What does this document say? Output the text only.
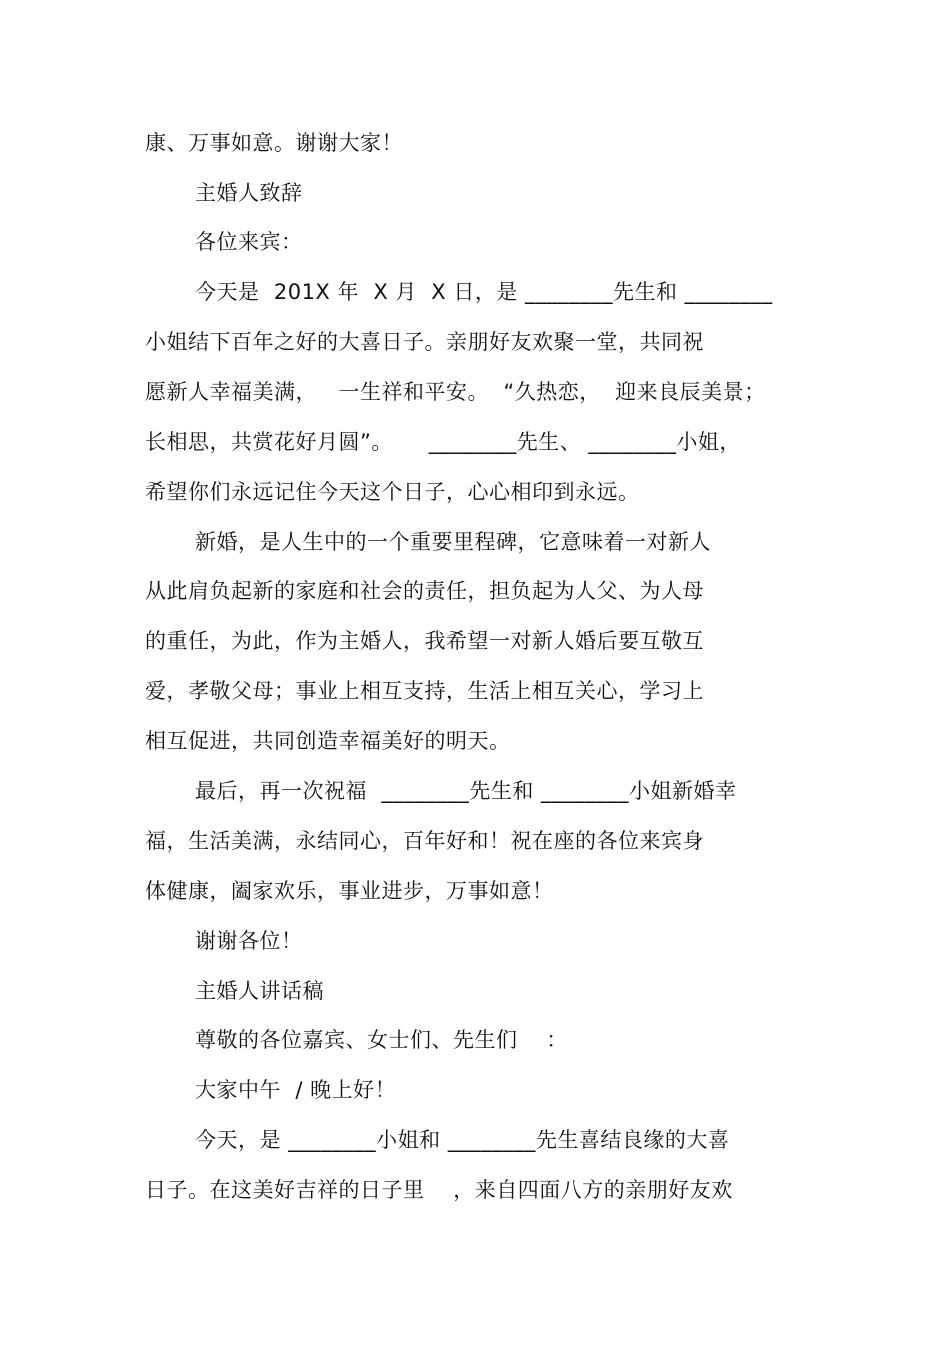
康、万事如意。谢谢大家！
主婚人致辞
各位来宾：
今天是  201X 年  X 月  X 日，是 ________先生和 ________
小姐结下百年之好的大喜日子。亲朋好友欢聚一堂，共同祝
愿新人幸福美满，   一生祥和平安。  “久热恋，  迎来良辰美景；
长相思，共赏花好月圆”。     ________先生、 ________小姐，
希望你们永远记住今天这个日子，心心相印到永远。
新婚，是人生中的一个重要里程碑，它意味着一对新人
从此肩负起新的家庭和社会的责任，担负起为人父、为人母
的重任，为此，作为主婚人，我希望一对新人婚后要互敬互
爱，孝敬父母；事业上相互支持，生活上相互关心，学习上
相互促进，共同创造幸福美好的明天。
最后，再一次祝福  ________先生和 ________小姐新婚幸
福，生活美满，永结同心，百年好和！祝在座的各位来宾身
体健康，阖家欢乐，事业进步，万事如意！
谢谢各位！
主婚人讲话稿
尊敬的各位嘉宾、女士们、先生们    ：
大家中午  / 晚上好！
今天，是 ________小姐和 ________先生喜结良缘的大喜
日子。在这美好吉祥的日子里    ，来自四面八方的亲朋好友欢
